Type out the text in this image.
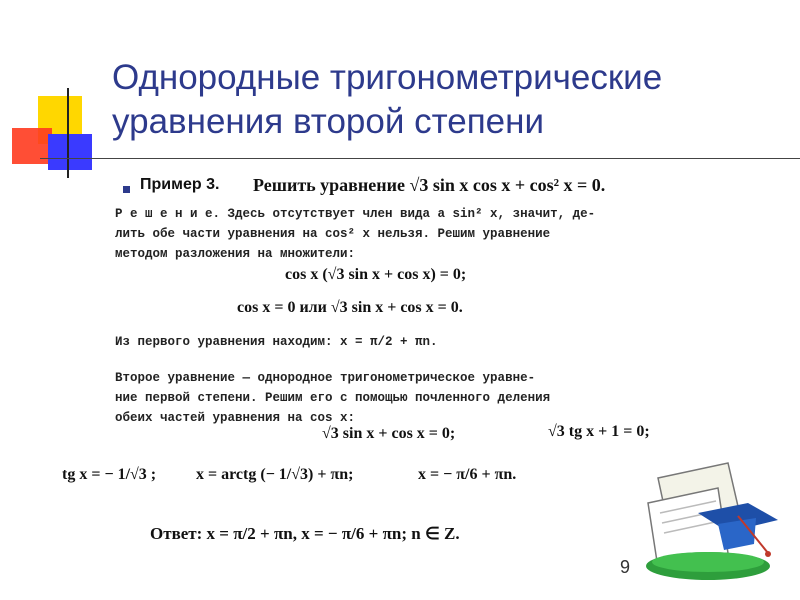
Однородные тригонометрические
уравнения второй степени
Пример 3. Решить уравнение √3 sin x cos x + cos² x = 0.
Р е ш е н и е. Здесь отсутствует член вида a sin² x, значит, де-
лить обе части уравнения на cos² x нельзя. Решим уравнение
методом разложения на множители:
cos x (√3 sin x + cos x) = 0;
cos x = 0 или √3 sin x + cos x = 0.
Из первого уравнения находим: x = π/2 + πn.
Второе уравнение — однородное тригонометрическое уравне-
ние первой степени. Решим его с помощью почленного деления
обеих частей уравнения на cos x:
√3 sin x + cos x = 0;	√3 tg x + 1 = 0;
tg x = − 1/√3 ; x = arctg (− 1/√3) + πn;	x = − π/6 + πn.
Ответ: x = π/2 + πn, x = − π/6 + πn; n ∈ Z.
9
